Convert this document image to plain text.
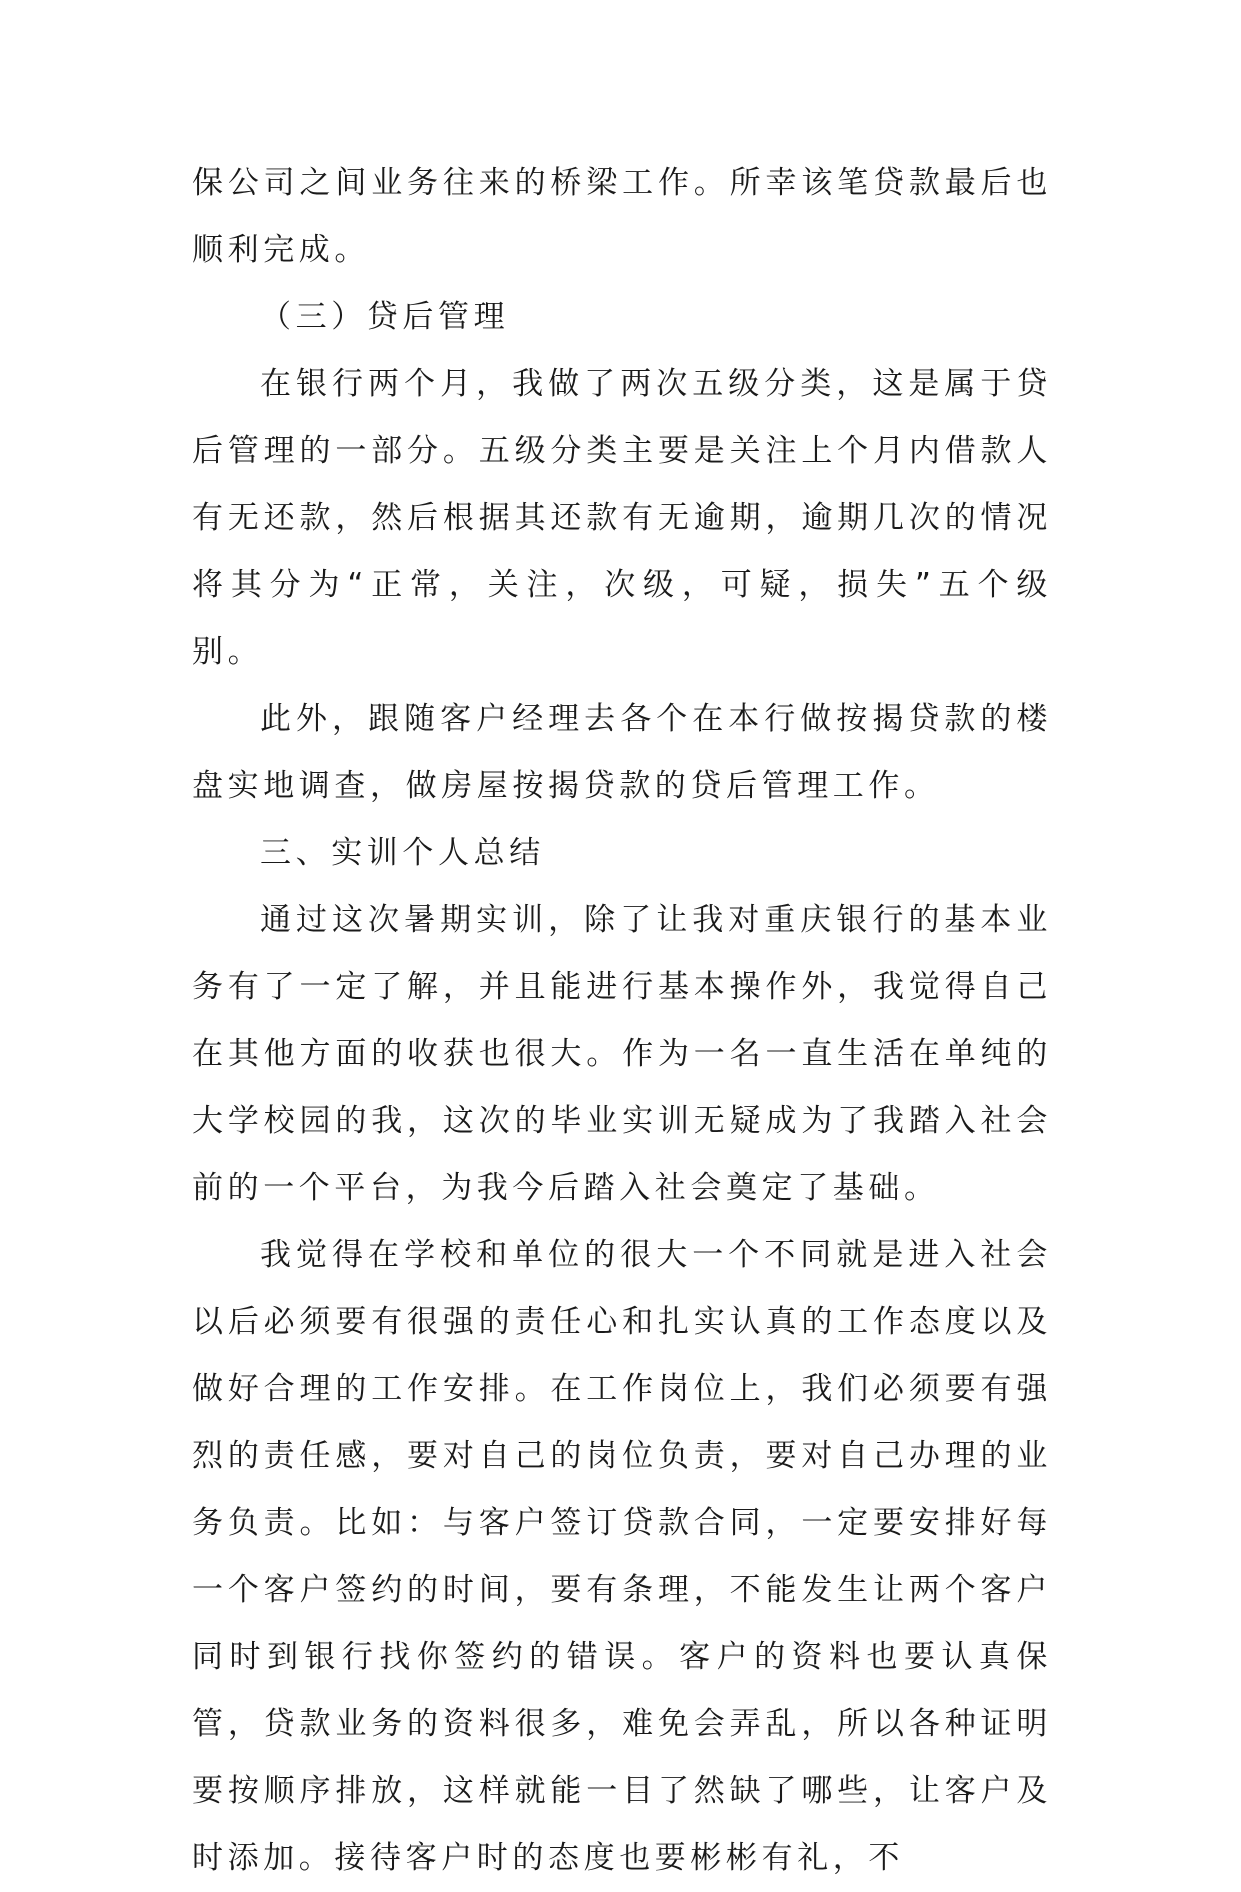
保公司之间业务往来的桥梁工作。所幸该笔贷款最后也顺利完成。

（三）贷后管理

在银行两个月，我做了两次五级分类，这是属于贷后管理的一部分。五级分类主要是关注上个月内借款人有无还款，然后根据其还款有无逾期，逾期几次的情况将其分为“正常，关注，次级，可疑，损失”五个级别。

此外，跟随客户经理去各个在本行做按揭贷款的楼盘实地调查，做房屋按揭贷款的贷后管理工作。

三、实训个人总结

通过这次暑期实训，除了让我对重庆银行的基本业务有了一定了解，并且能进行基本操作外，我觉得自己在其他方面的收获也很大。作为一名一直生活在单纯的大学校园的我，这次的毕业实训无疑成为了我踏入社会前的一个平台，为我今后踏入社会奠定了基础。

我觉得在学校和单位的很大一个不同就是进入社会以后必须要有很强的责任心和扎实认真的工作态度以及做好合理的工作安排。在工作岗位上，我们必须要有强烈的责任感，要对自己的岗位负责，要对自己办理的业务负责。比如：与客户签订贷款合同，一定要安排好每一个客户签约的时间，要有条理，不能发生让两个客户同时到银行找你签约的错误。客户的资料也要认真保管，贷款业务的资料很多，难免会弄乱，所以各种证明要按顺序排放，这样就能一目了然缺了哪些，让客户及时添加。接待客户时的态度也要彬彬有礼，不
